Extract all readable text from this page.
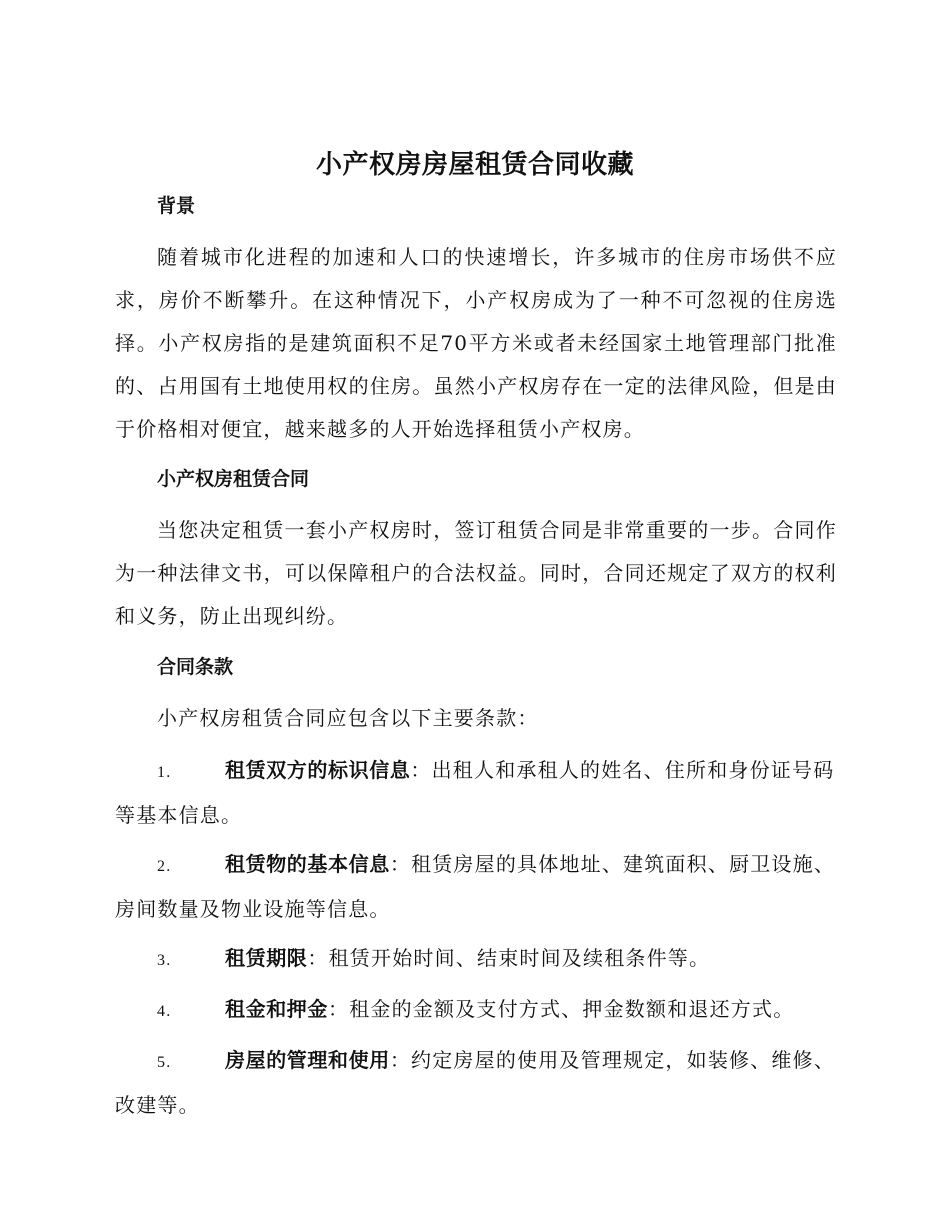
小产权房房屋租赁合同收藏
背景

随着城市化进程的加速和人口的快速增长，许多城市的住房市场供不应求，房价不断攀升。在这种情况下，小产权房成为了一种不可忽视的住房选择。小产权房指的是建筑面积不足70平方米或者未经国家土地管理部门批准的、占用国有土地使用权的住房。虽然小产权房存在一定的法律风险，但是由于价格相对便宜，越来越多的人开始选择租赁小产权房。

小产权房租赁合同

当您决定租赁一套小产权房时，签订租赁合同是非常重要的一步。合同作为一种法律文书，可以保障租户的合法权益。同时，合同还规定了双方的权利和义务，防止出现纠纷。

合同条款

小产权房租赁合同应包含以下主要条款：

1.	租赁双方的标识信息：出租人和承租人的姓名、住所和身份证号码等基本信息。

2.	租赁物的基本信息：租赁房屋的具体地址、建筑面积、厨卫设施、房间数量及物业设施等信息。

3.	租赁期限：租赁开始时间、结束时间及续租条件等。

4.	租金和押金：租金的金额及支付方式、押金数额和退还方式。

5.	房屋的管理和使用：约定房屋的使用及管理规定，如装修、维修、改建等。
